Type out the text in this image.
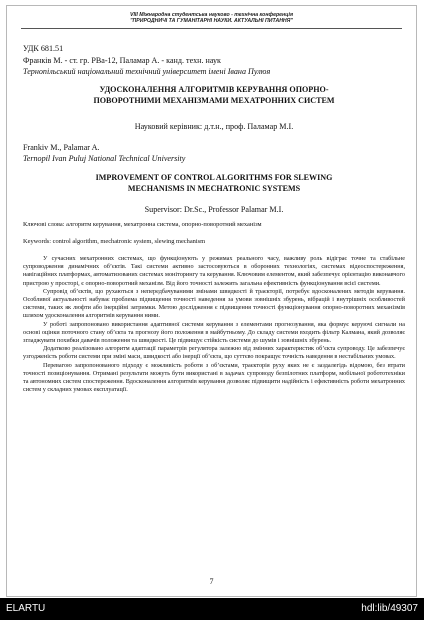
VIII Міжнародна студентська науково - технічна конференція
"ПРИРОДНИЧІ ТА ГУМАНІТАРНІ НАУКИ. АКТУАЛЬНІ ПИТАННЯ"

УДК 681.51

Франків М. - ст. гр. РВа-12, Паламар А. - канд. техн. наук

Тернопільський національний технічний університет імені Івана Пулюя

УДОСКОНАЛЕННЯ АЛГОРИТМІВ КЕРУВАННЯ ОПОРНО-

ПОВОРОТНИМИ МЕХАНІЗМАМИ МЕХАТРОННИХ СИСТЕМ

Науковий керівник: д.т.н., проф. Паламар М.І.

Frankiv M., Palamar A.

Ternopil Ivan Puluj National Technical University

IMPROVEMENT OF CONTROL ALGORITHMS FOR SLEWING

MECHANISMS IN MECHATRONIC SYSTEMS

Supervisor: Dr.Sc., Professor Palamar M.I.

Ключові слова: алгоритм керування, мехатронна система, опорно-поворотний механізм

Keywords: control algorithm, mechatronic system, slewing mechanism

У сучасних мехатронних системах, що функціонують у режимах реального часу, важливу роль відіграє точне та стабільне супроводження динамічних об’єктів. Такі системи активно застосовуються в оборонних технологіях, системах відеоспостереження, навігаційних платформах, автоматизованих системах моніторингу та керування. Ключовим елементом, який забезпечує орієнтацію виконавчого пристрою у просторі, є опорно-поворотний механізм. Від його точності залежить загальна ефективність функціонування всієї системи.

Супровід об’єктів, що рухаються з непередбачуваними змінами швидкості й траєкторії, потребує вдосконалених методів керування. Особливої актуальності набуває проблема підвищення точності наведення за умови зовнішніх збурень, вібрацій і внутрішніх особливостей системи, таких як люфти або інерційні затримки. Метою дослідження є підвищення точності функціонування опорно-поворотних механізмів шляхом удосконалення алгоритмів керування ними.

У роботі запропоновано використання адаптивної системи керування з елементами прогнозування, яка формує керуючі сигнали на основі оцінки поточного стану об’єкта та прогнозу його положення в майбутньому. До складу системи входить фільтр Калмана, який дозволяє згладжувати похибки давачів положення та швидкості. Це підвищує стійкість системи до шумів і зовнішніх збурень.

Додатково реалізовано алгоритм адаптації параметрів регулятора залежно від змінних характеристик об’єкта супроводу. Це забезпечує узгодженість роботи системи при зміні маси, швидкості або інерції об’єкта, що суттєво покращує точність наведення в нестабільних умовах.

Перевагою запропонованого підходу є можливість роботи з об’єктами, траєкторія руху яких не є заздалегідь відомою, без втрати точності позиціонування. Отримані результати можуть бути використані в задачах супроводу безпілотних платформ, мобільної робототехніки та автономних систем спостереження. Вдосконалення алгоритмів керування дозволяє підвищити надійність і ефективність роботи мехатронних систем у складних умовах експлуатації.

7
ELARTU	hdl:lib/49307
